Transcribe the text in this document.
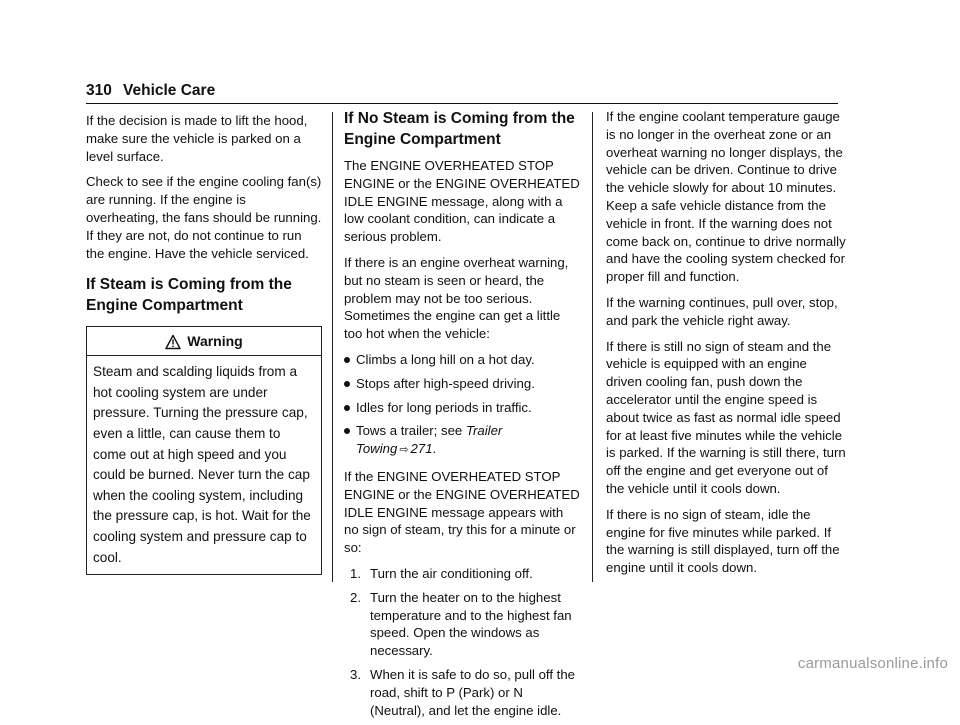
310 Vehicle Care

If the decision is made to lift the hood, make sure the vehicle is parked on a level surface.

Check to see if the engine cooling fan(s) are running. If the engine is overheating, the fans should be running. If they are not, do not continue to run the engine. Have the vehicle serviced.

If Steam is Coming from the Engine Compartment
Warning
Steam and scalding liquids from a hot cooling system are under pressure. Turning the pressure cap, even a little, can cause them to come out at high speed and you could be burned. Never turn the cap when the cooling system, including the pressure cap, is hot. Wait for the cooling system and pressure cap to cool.
If No Steam is Coming from the Engine Compartment

The ENGINE OVERHEATED STOP ENGINE or the ENGINE OVERHEATED IDLE ENGINE message, along with a low coolant condition, can indicate a serious problem.

If there is an engine overheat warning, but no steam is seen or heard, the problem may not be too serious. Sometimes the engine can get a little too hot when the vehicle:

Climbs a long hill on a hot day.
Stops after high-speed driving.
Idles for long periods in traffic.
Tows a trailer; see Trailer Towing ⇨ 271.

If the ENGINE OVERHEATED STOP ENGINE or the ENGINE OVERHEATED IDLE ENGINE message appears with no sign of steam, try this for a minute or so:

1. Turn the air conditioning off.
2. Turn the heater on to the highest temperature and to the highest fan speed. Open the windows as necessary.
3. When it is safe to do so, pull off the road, shift to P (Park) or N (Neutral), and let the engine idle.

If the engine coolant temperature gauge is no longer in the overheat zone or an overheat warning no longer displays, the vehicle can be driven. Continue to drive the vehicle slowly for about 10 minutes. Keep a safe vehicle distance from the vehicle in front. If the warning does not come back on, continue to drive normally and have the cooling system checked for proper fill and function.

If the warning continues, pull over, stop, and park the vehicle right away.

If there is still no sign of steam and the vehicle is equipped with an engine driven cooling fan, push down the accelerator until the engine speed is about twice as fast as normal idle speed for at least five minutes while the vehicle is parked. If the warning is still there, turn off the engine and get everyone out of the vehicle until it cools down.

If there is no sign of steam, idle the engine for five minutes while parked. If the warning is still displayed, turn off the engine until it cools down.

carmanualsonline.info
